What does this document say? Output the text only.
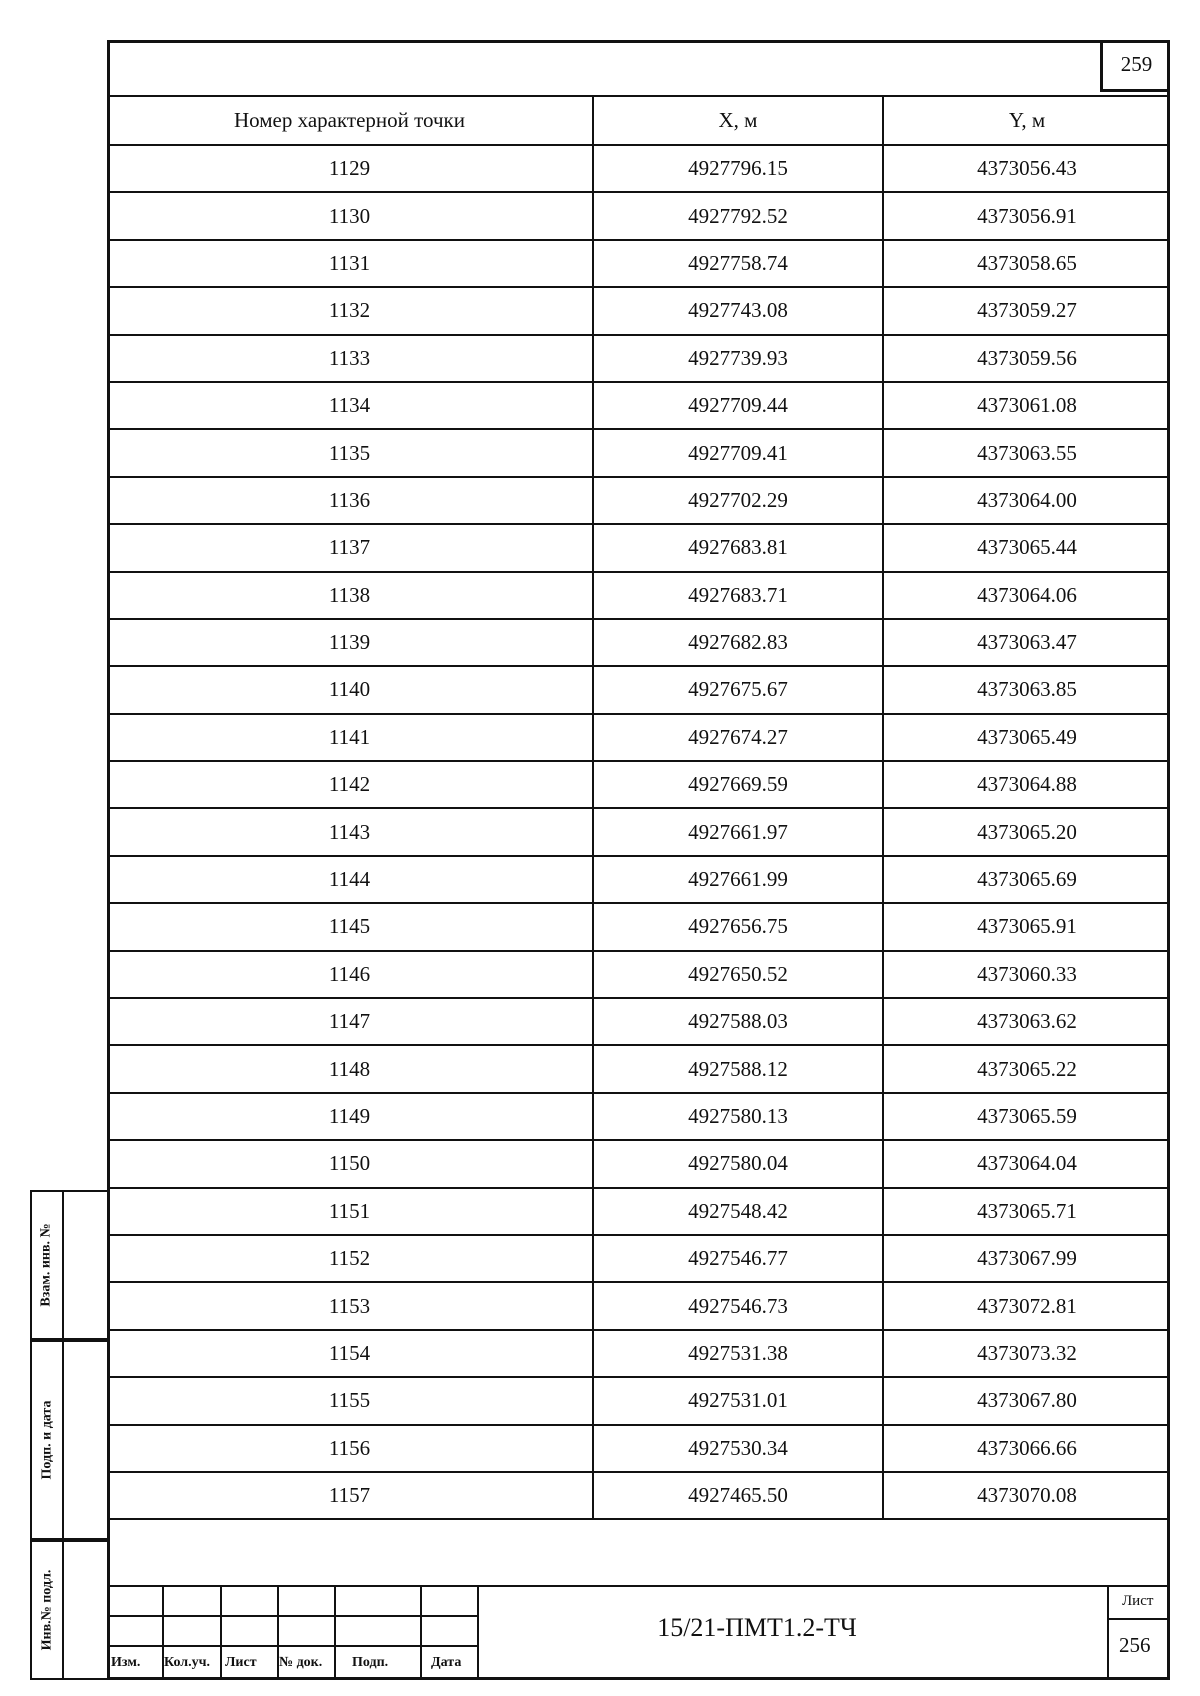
259
Номер характерной точки	X, м	Y, м
1129	4927796.15	4373056.43
1130	4927792.52	4373056.91
1131	4927758.74	4373058.65
1132	4927743.08	4373059.27
1133	4927739.93	4373059.56
1134	4927709.44	4373061.08
1135	4927709.41	4373063.55
1136	4927702.29	4373064.00
1137	4927683.81	4373065.44
1138	4927683.71	4373064.06
1139	4927682.83	4373063.47
1140	4927675.67	4373063.85
1141	4927674.27	4373065.49
1142	4927669.59	4373064.88
1143	4927661.97	4373065.20
1144	4927661.99	4373065.69
1145	4927656.75	4373065.91
1146	4927650.52	4373060.33
1147	4927588.03	4373063.62
1148	4927588.12	4373065.22
1149	4927580.13	4373065.59
1150	4927580.04	4373064.04
1151	4927548.42	4373065.71
1152	4927546.77	4373067.99
1153	4927546.73	4373072.81
1154	4927531.38	4373073.32
1155	4927531.01	4373067.80
1156	4927530.34	4373066.66
1157	4927465.50	4373070.08
Взам. инв. №
Подп. и дата
Инв.№ подл.
Изм. Кол.уч. Лист № док. Подп.	Дата
15/21-ПМТ1.2-ТЧ
Лист
256
